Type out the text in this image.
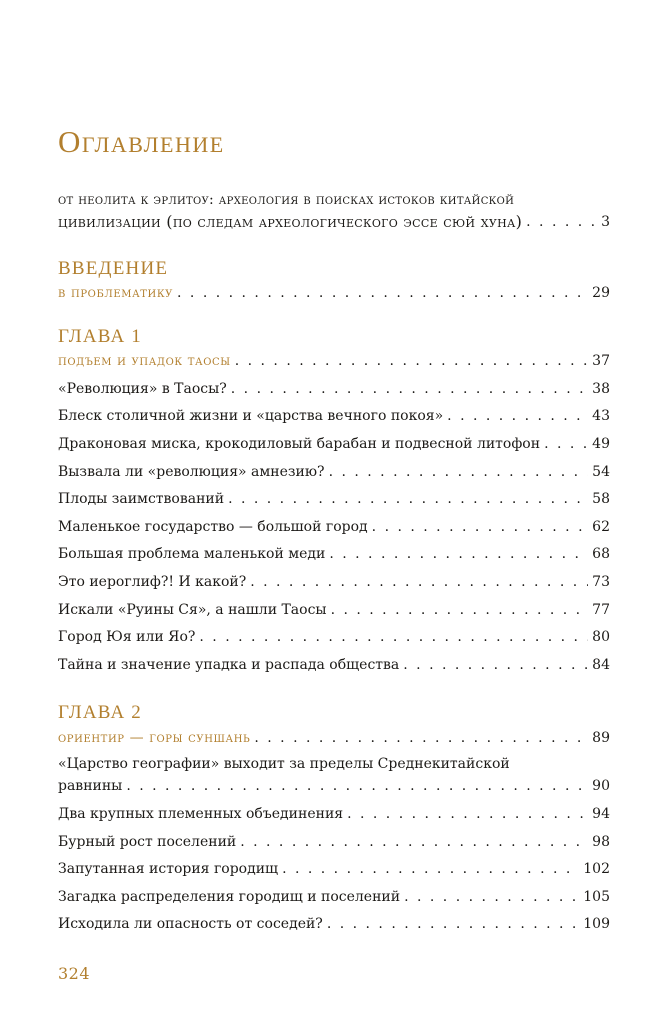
Оглавление
от неолита к эрлитоу: археология в поисках истоков китайской
цивилизации (по следам археологического эссе сюй хуна) . . .	3
ВВЕДЕНИЕ
в проблематику . . .	29
ГЛАВА 1
подъем и упадок таосы . . .	37
«Революция» в Таосы? . . .	38
Блеск столичной жизни и «царства вечного покоя» . . .	43
Драконовая миска, крокодиловый барабан и подвесной литофон . . .	49
Вызвала ли «революция» амнезию? . . .	54
Плоды заимствований . . .	58
Маленькое государство — большой город . . .	62
Большая проблема маленькой меди . . .	68
Это иероглиф?! И какой? . . .	73
Искали «Руины Ся», а нашли Таосы . . .	77
Город Юя или Яо? . . .	80
Тайна и значение упадка и распада общества . . .	84
ГЛАВА 2
ориентир — горы суншань . . .	89
«Царство географии» выходит за пределы Среднекитайской
равнины . . .	90
Два крупных племенных объединения . . .	94
Бурный рост поселений . . .	98
Запутанная история городищ . . .	102
Загадка распределения городищ и поселений . . .	105
Исходила ли опасность от соседей? . . .	109
324
